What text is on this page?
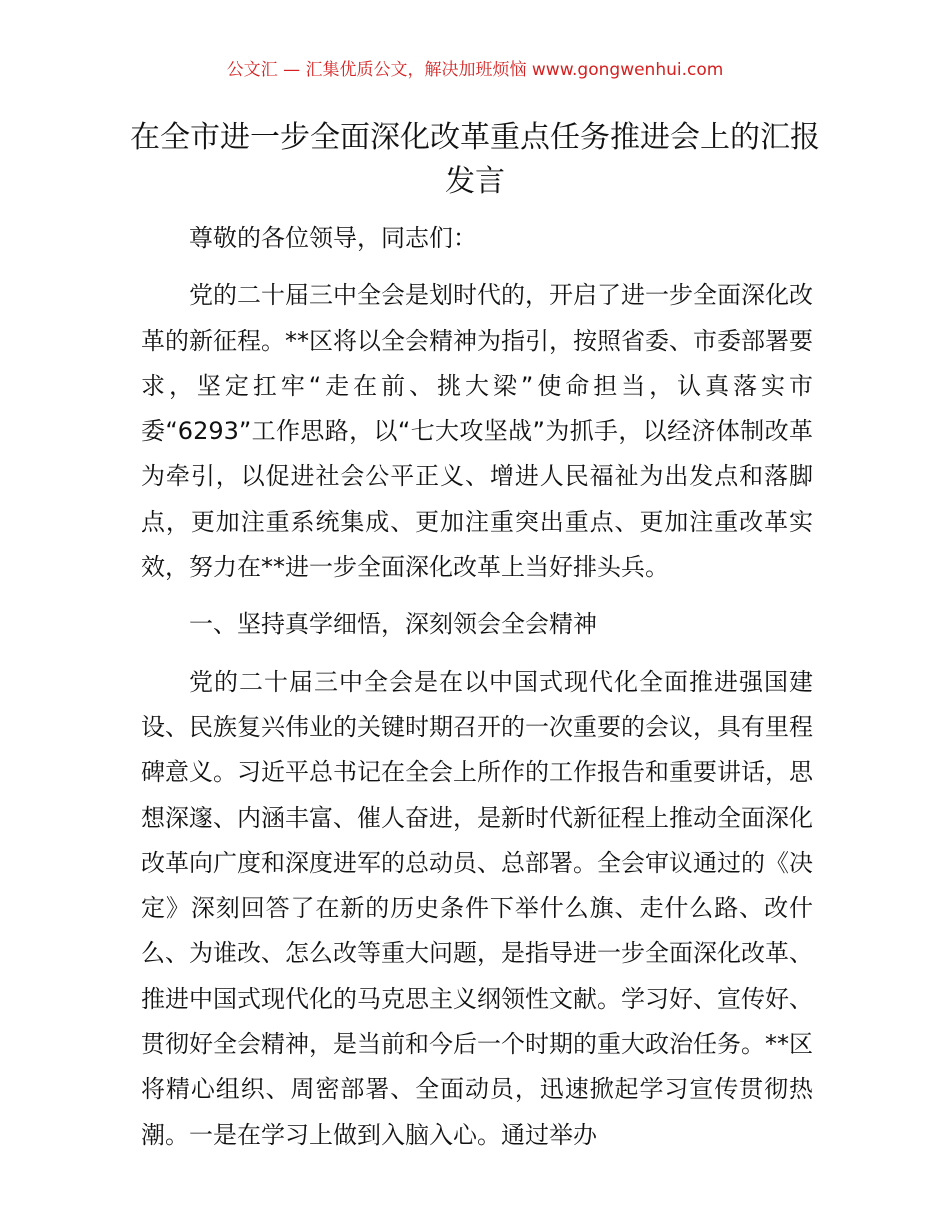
公文汇 — 汇集优质公文，解决加班烦恼 www.gongwenhui.com
在全市进一步全面深化改革重点任务推进会上的汇报发言

尊敬的各位领导，同志们：

党的二十届三中全会是划时代的，开启了进一步全面深化改革的新征程。**区将以全会精神为指引，按照省委、市委部署要求，坚定扛牢“走在前、挑大梁”使命担当，认真落实市委“6293”工作思路，以“七大攻坚战”为抓手，以经济体制改革为牵引，以促进社会公平正义、增进人民福祉为出发点和落脚点，更加注重系统集成、更加注重突出重点、更加注重改革实效，努力在**进一步全面深化改革上当好排头兵。

一、坚持真学细悟，深刻领会全会精神

党的二十届三中全会是在以中国式现代化全面推进强国建设、民族复兴伟业的关键时期召开的一次重要的会议，具有里程碑意义。习近平总书记在全会上所作的工作报告和重要讲话，思想深邃、内涵丰富、催人奋进，是新时代新征程上推动全面深化改革向广度和深度进军的总动员、总部署。全会审议通过的《决定》深刻回答了在新的历史条件下举什么旗、走什么路、改什么、为谁改、怎么改等重大问题，是指导进一步全面深化改革、推进中国式现代化的马克思主义纲领性文献。学习好、宣传好、贯彻好全会精神，是当前和今后一个时期的重大政治任务。**区将精心组织、周密部署、全面动员，迅速掀起学习宣传贯彻热潮。一是在学习上做到入脑入心。通过举办
